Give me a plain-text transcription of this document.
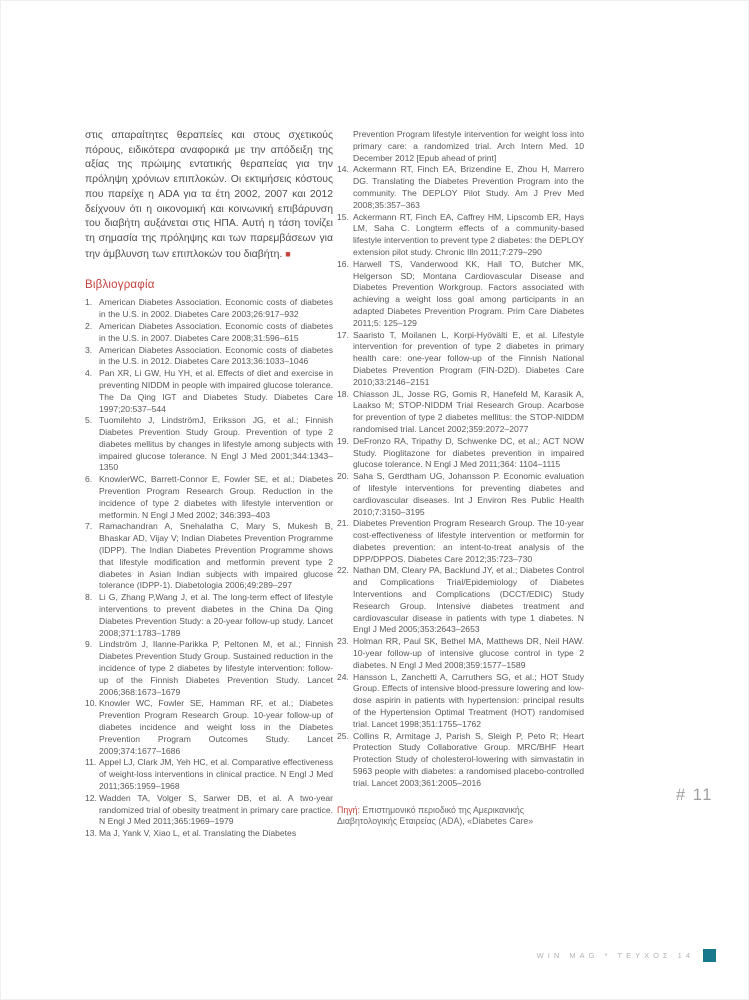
στις απαραίτητες θεραπείες και στους σχετικούς πόρους, ειδικότερα αναφορικά με την απόδειξη της αξίας της πρώιμης εντατικής θεραπείας για την πρόληψη χρόνιων επιπλοκών. Οι εκτιμήσεις κόστους που παρείχε η ADA για τα έτη 2002, 2007 και 2012 δείχνουν ότι η οικονομική και κοινωνική επιβάρυνση του διαβήτη αυξάνεται στις ΗΠΑ. Αυτή η τάση τονίζει τη σημασία της πρόληψης και των παρεμβάσεων για την άμβλυνση των επιπλοκών του διαβήτη. ■

Βιβλιογραφία
1. American Diabetes Association. Economic costs of diabetes in the U.S. in 2002. Diabetes Care 2003;26:917–932
2. American Diabetes Association. Economic costs of diabetes in the U.S. in 2007. Diabetes Care 2008;31:596–615
3. American Diabetes Association. Economic costs of diabetes in the U.S. in 2012. Diabetes Care 2013;36:1033–1046
4. Pan XR, Li GW, Hu YH, et al. Effects of diet and exercise in preventing NIDDM in people with impaired glucose tolerance. The Da Qing IGT and Diabetes Study. Diabetes Care 1997;20:537–544
5. Tuomilehto J, LindströmJ, Eriksson JG, et al.; Finnish Diabetes Prevention Study Group. Prevention of type 2 diabetes mellitus by changes in lifestyle among subjects with impaired glucose tolerance. N Engl J Med 2001;344:1343–1350
6. KnowlerWC, Barrett-Connor E, Fowler SE, et al.; Diabetes Prevention Program Research Group. Reduction in the incidence of type 2 diabetes with lifestyle intervention or metformin. N Engl J Med 2002; 346:393–403
7. Ramachandran A, Snehalatha C, Mary S, Mukesh B, Bhaskar AD, Vijay V; Indian Diabetes Prevention Programme (IDPP). The Indian Diabetes Prevention Programme shows that lifestyle modification and metformin prevent type 2 diabetes in Asian Indian subjects with impaired glucose tolerance (IDPP-1). Diabetologia 2006;49:289–297
8. Li G, Zhang P,Wang J, et al. The long-term effect of lifestyle interventions to prevent diabetes in the China Da Qing Diabetes Prevention Study: a 20-year follow-up study. Lancet 2008;371:1783–1789
9. Lindström J, Ilanne-Parikka P, Peltonen M, et al.; Finnish Diabetes Prevention Study Group. Sustained reduction in the incidence of type 2 diabetes by lifestyle intervention: follow-up of the Finnish Diabetes Prevention Study. Lancet 2006;368:1673–1679
10. Knowler WC, Fowler SE, Hamman RF, et al.; Diabetes Prevention Program Research Group. 10-year follow-up of diabetes incidence and weight loss in the Diabetes Prevention Program Outcomes Study. Lancet 2009;374:1677–1686
11. Appel LJ, Clark JM, Yeh HC, et al. Comparative effectiveness of weight-loss interventions in clinical practice. N Engl J Med 2011;365:1959–1968
12. Wadden TA, Volger S, Sarwer DB, et al. A two-year randomized trial of obesity treatment in primary care practice. N Engl J Med 2011;365:1969–1979
13. Ma J, Yank V, Xiao L, et al. Translating the Diabetes

Prevention Program lifestyle intervention for weight loss into primary care: a randomized trial. Arch Intern Med. 10 December 2012 [Epub ahead of print]

14. Ackermann RT, Finch EA, Brizendine E, Zhou H, Marrero DG. Translating the Diabetes Prevention Program into the community. The DEPLOY Pilot Study. Am J Prev Med 2008;35:357–363
15. Ackermann RT, Finch EA, Caffrey HM, Lipscomb ER, Hays LM, Saha C. Longterm effects of a community-based lifestyle intervention to prevent type 2 diabetes: the DEPLOY extension pilot study. Chronic Illn 2011;7:279–290
16. Harwell TS, Vanderwood KK, Hall TO, Butcher MK, Helgerson SD; Montana Cardiovascular Disease and Diabetes Prevention Workgroup. Factors associated with achieving a weight loss goal among participants in an adapted Diabetes Prevention Program. Prim Care Diabetes 2011;5: 125–129
17. Saaristo T, Moilanen L, Korpi-Hyövälti E, et al. Lifestyle intervention for prevention of type 2 diabetes in primary health care: one-year follow-up of the Finnish National Diabetes Prevention Program (FIN-D2D). Diabetes Care 2010;33:2146–2151
18. Chiasson JL, Josse RG, Gomis R, Hanefeld M, Karasik A, Laakso M; STOP-NIDDM Trial Research Group. Acarbose for prevention of type 2 diabetes mellitus: the STOP-NIDDM randomised trial. Lancet 2002;359:2072–2077
19. DeFronzo RA, Tripathy D, Schwenke DC, et al.; ACT NOW Study. Pioglitazone for diabetes prevention in impaired glucose tolerance. N Engl J Med 2011;364: 1104–1115
20. Saha S, Gerdtham UG, Johansson P. Economic evaluation of lifestyle interventions for preventing diabetes and cardiovascular diseases. Int J Environ Res Public Health 2010;7:3150–3195
21. Diabetes Prevention Program Research Group. The 10-year cost-effectiveness of lifestyle intervention or metformin for diabetes prevention: an intent-to-treat analysis of the DPP/DPPOS. Diabetes Care 2012;35:723–730
22. Nathan DM, Cleary PA, Backlund JY, et al.; Diabetes Control and Complications Trial/Epidemiology of Diabetes Interventions and Complications (DCCT/EDIC) Study Research Group. Intensive diabetes treatment and cardiovascular disease in patients with type 1 diabetes. N Engl J Med 2005;353:2643–2653
23. Holman RR, Paul SK, Bethel MA, Matthews DR, Neil HAW. 10-year follow-up of intensive glucose control in type 2 diabetes. N Engl J Med 2008;359:1577–1589
24. Hansson L, Zanchetti A, Carruthers SG, et al.; HOT Study Group. Effects of intensive blood-pressure lowering and low-dose aspirin in patients with hypertension: principal results of the Hypertension Optimal Treatment (HOT) randomised trial. Lancet 1998;351:1755–1762
25. Collins R, Armitage J, Parish S, Sleigh P, Peto R; Heart Protection Study Collaborative Group. MRC/BHF Heart Protection Study of cholesterol-lowering with simvastatin in 5963 people with diabetes: a randomised placebo-controlled trial. Lancet 2003;361:2005–2016

Πηγή: Επιστημονικό περιοδικό της Αμερικανικής Διαβητολογικής Εταιρείας (ADA), «Diabetes Care»

# 11
WIN MAG * ΤΕΥΧΟΣ 14
